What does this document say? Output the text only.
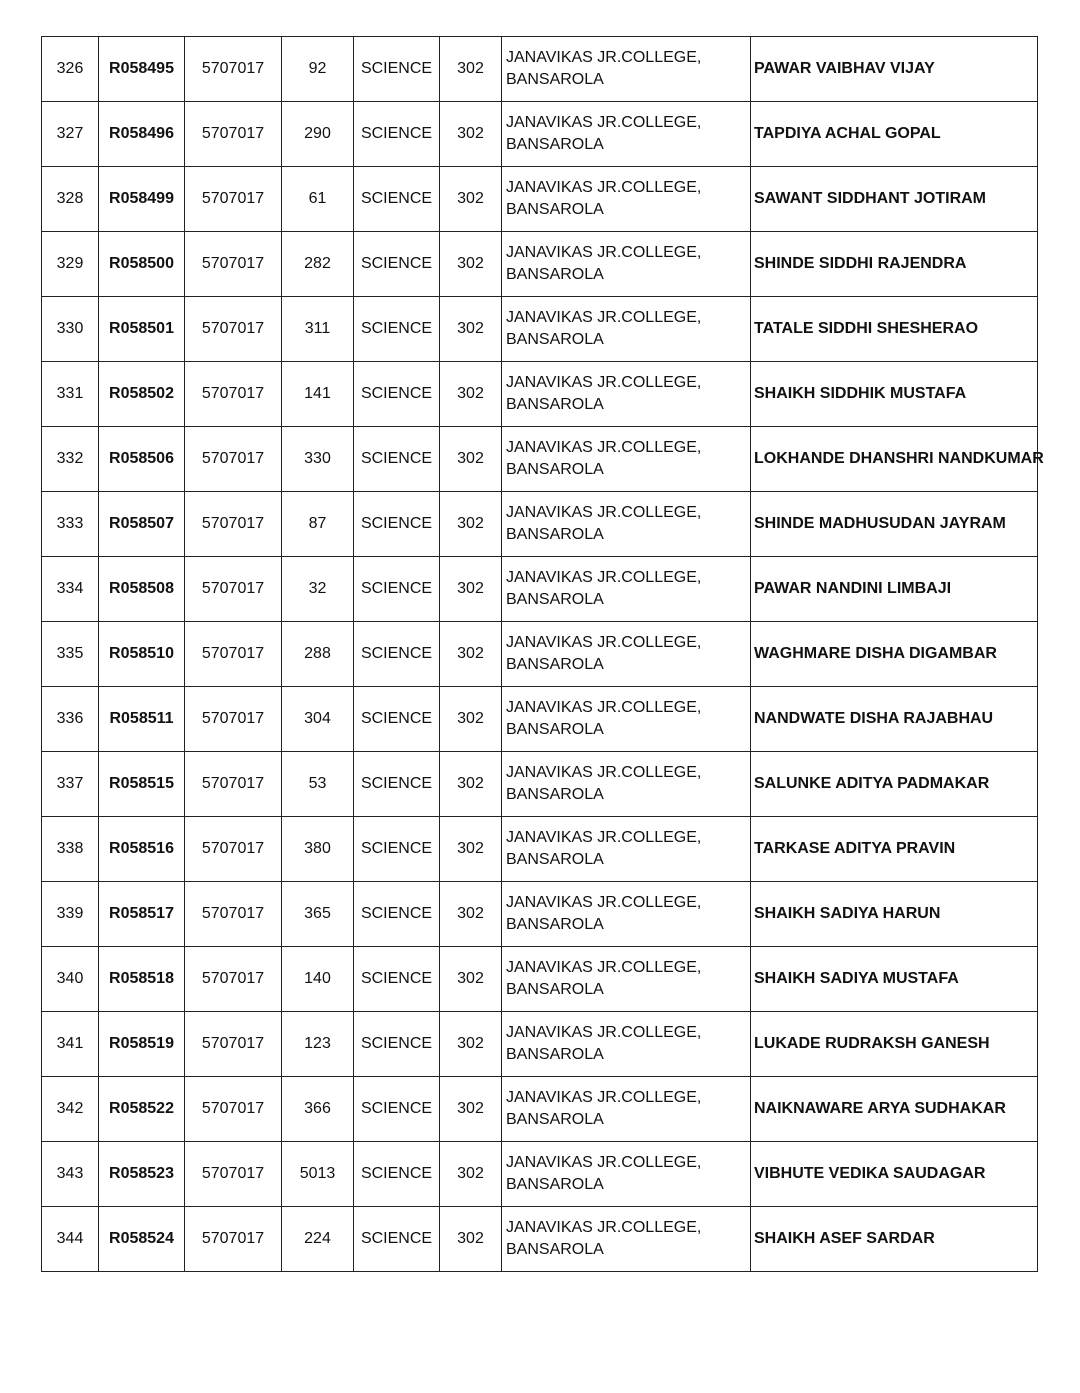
326	R058495	5707017	92	SCIENCE	302	JANAVIKAS JR.COLLEGE,
BANSAROLA	PAWAR VAIBHAV VIJAY
327	R058496	5707017	290	SCIENCE	302	JANAVIKAS JR.COLLEGE,
BANSAROLA	TAPDIYA ACHAL GOPAL
328	R058499	5707017	61	SCIENCE	302	JANAVIKAS JR.COLLEGE,
BANSAROLA	SAWANT SIDDHANT JOTIRAM
329	R058500	5707017	282	SCIENCE	302	JANAVIKAS JR.COLLEGE,
BANSAROLA	SHINDE SIDDHI RAJENDRA
330	R058501	5707017	311	SCIENCE	302	JANAVIKAS JR.COLLEGE,
BANSAROLA	TATALE SIDDHI SHESHERAO
331	R058502	5707017	141	SCIENCE	302	JANAVIKAS JR.COLLEGE,
BANSAROLA	SHAIKH SIDDHIK MUSTAFA
332	R058506	5707017	330	SCIENCE	302	JANAVIKAS JR.COLLEGE,
BANSAROLA	LOKHANDE DHANSHRI NANDKUMAR
333	R058507	5707017	87	SCIENCE	302	JANAVIKAS JR.COLLEGE,
BANSAROLA	SHINDE MADHUSUDAN JAYRAM
334	R058508	5707017	32	SCIENCE	302	JANAVIKAS JR.COLLEGE,
BANSAROLA	PAWAR NANDINI LIMBAJI
335	R058510	5707017	288	SCIENCE	302	JANAVIKAS JR.COLLEGE,
BANSAROLA	WAGHMARE DISHA DIGAMBAR
336	R058511	5707017	304	SCIENCE	302	JANAVIKAS JR.COLLEGE,
BANSAROLA	NANDWATE DISHA RAJABHAU
337	R058515	5707017	53	SCIENCE	302	JANAVIKAS JR.COLLEGE,
BANSAROLA	SALUNKE ADITYA PADMAKAR
338	R058516	5707017	380	SCIENCE	302	JANAVIKAS JR.COLLEGE,
BANSAROLA	TARKASE ADITYA PRAVIN
339	R058517	5707017	365	SCIENCE	302	JANAVIKAS JR.COLLEGE,
BANSAROLA	SHAIKH SADIYA HARUN
340	R058518	5707017	140	SCIENCE	302	JANAVIKAS JR.COLLEGE,
BANSAROLA	SHAIKH SADIYA MUSTAFA
341	R058519	5707017	123	SCIENCE	302	JANAVIKAS JR.COLLEGE,
BANSAROLA	LUKADE RUDRAKSH GANESH
342	R058522	5707017	366	SCIENCE	302	JANAVIKAS JR.COLLEGE,
BANSAROLA	NAIKNAWARE ARYA SUDHAKAR
343	R058523	5707017	5013	SCIENCE	302	JANAVIKAS JR.COLLEGE,
BANSAROLA	VIBHUTE VEDIKA SAUDAGAR
344	R058524	5707017	224	SCIENCE	302	JANAVIKAS JR.COLLEGE,
BANSAROLA	SHAIKH ASEF SARDAR
